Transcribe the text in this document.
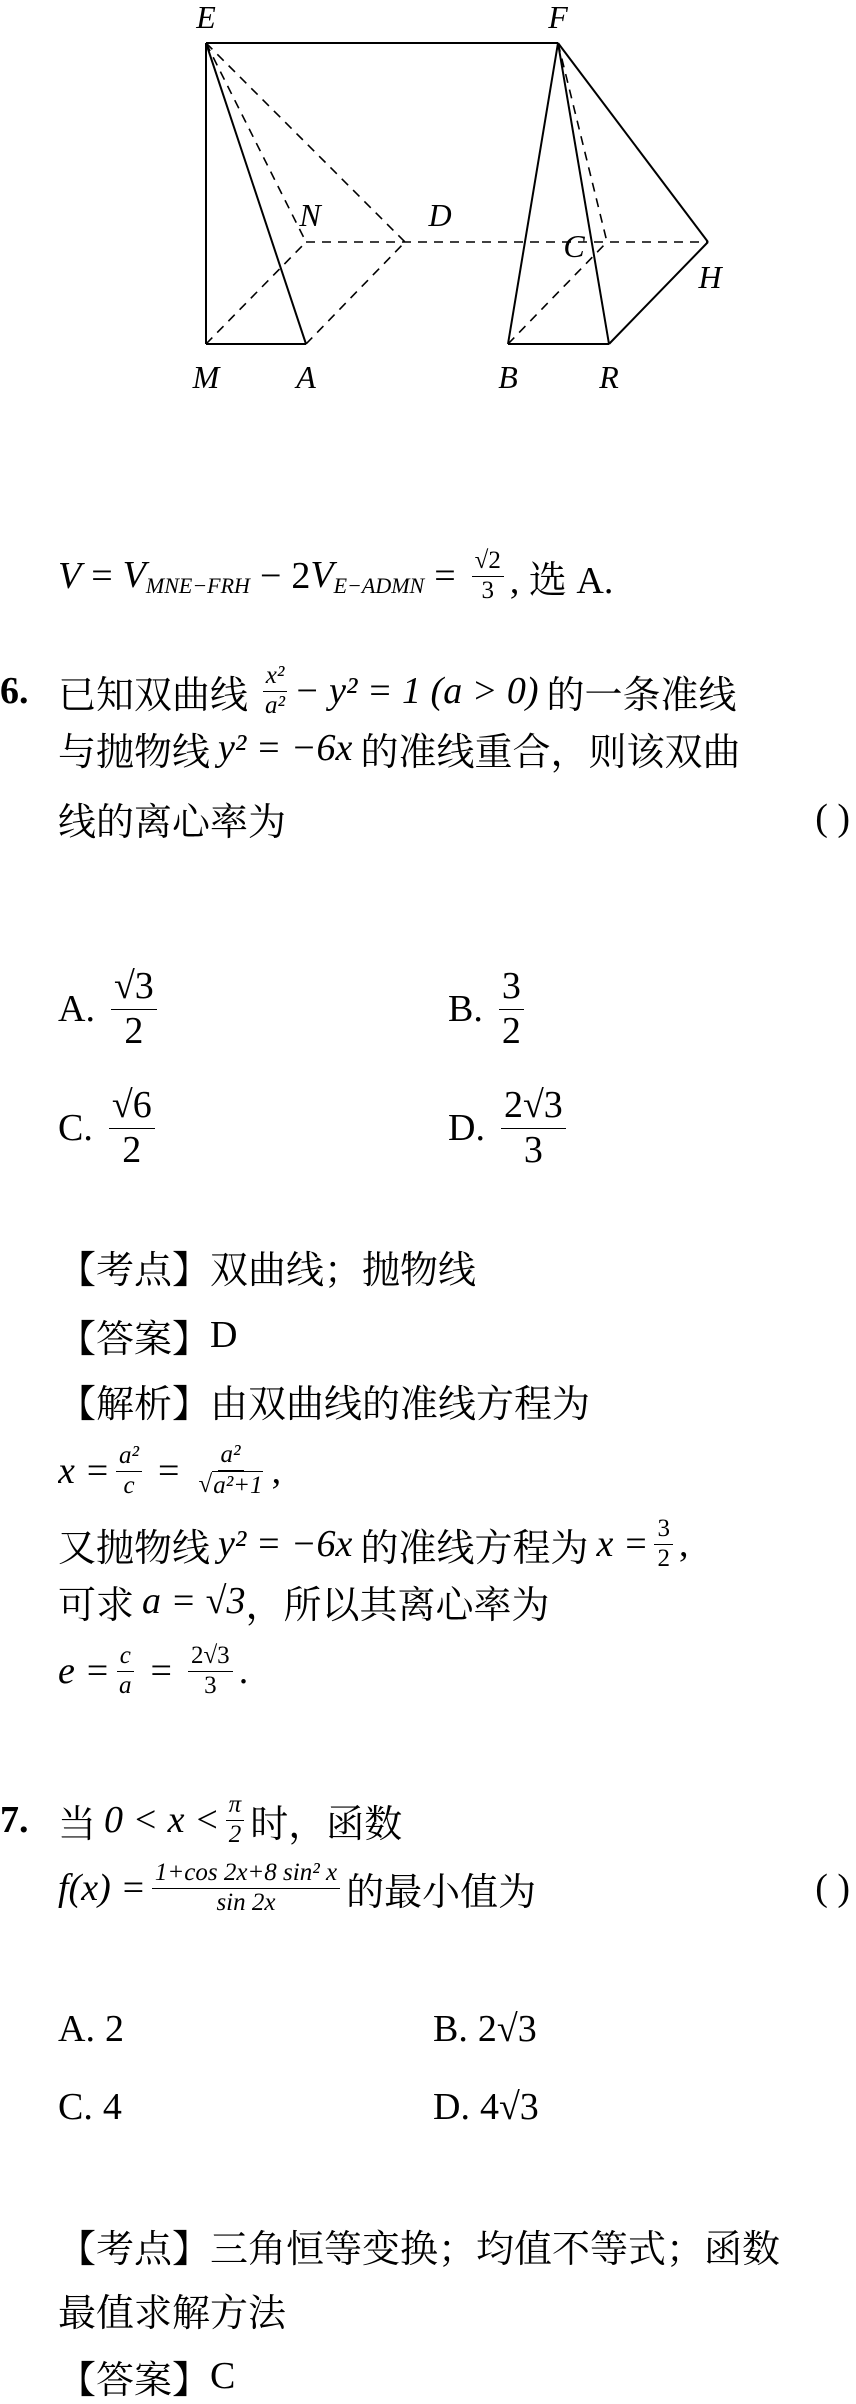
E	F
N	D
C
H
M A	B	R
$V = V_{MNE-FRH} - 2$ $V_{E-ADMN} = \frac{√2}{3}$ , 选 A.
6. 已知双曲线 $\frac{\text{x²}}{\text{a²}} - y^2 = 1$ (a > 0) 的一条准线
与抛物线 y² = −6x 的准线重合，则该双曲
线的离心率为	( )
A. $\frac{√3}{2}$	B. $\frac{3}{2}$
C. $\frac{√6}{2}$	D. $\frac{2√3}{3}$
【考点】 双曲线；抛物线
【答案】 D
【解析】 由双曲线的准线方程为
$x = \frac{\text{a²}}{c} = \frac{\text{a²}}{\text{√ a²+1}}$ ,
又抛物线 y² = −6x 的准线方程为 $x = \frac{3}{2}$ ,
可求 a = √3 ，所以其离心率为
$e = \frac{c}{a} = \frac{2√3}{3}$ .
7. 当 $0 < x < \frac{\pi}{2}$ 时，函数
$f(x) = \frac{\text{1+cos 2x+8 sin² x}}{\sin 2x}$ 的最小值为	( )
A. 2	B. 2√3
C. 4	D. 4√3
【考点】 三角恒等变换；均值不等式；函数
最值求解方法
【答案】 C
